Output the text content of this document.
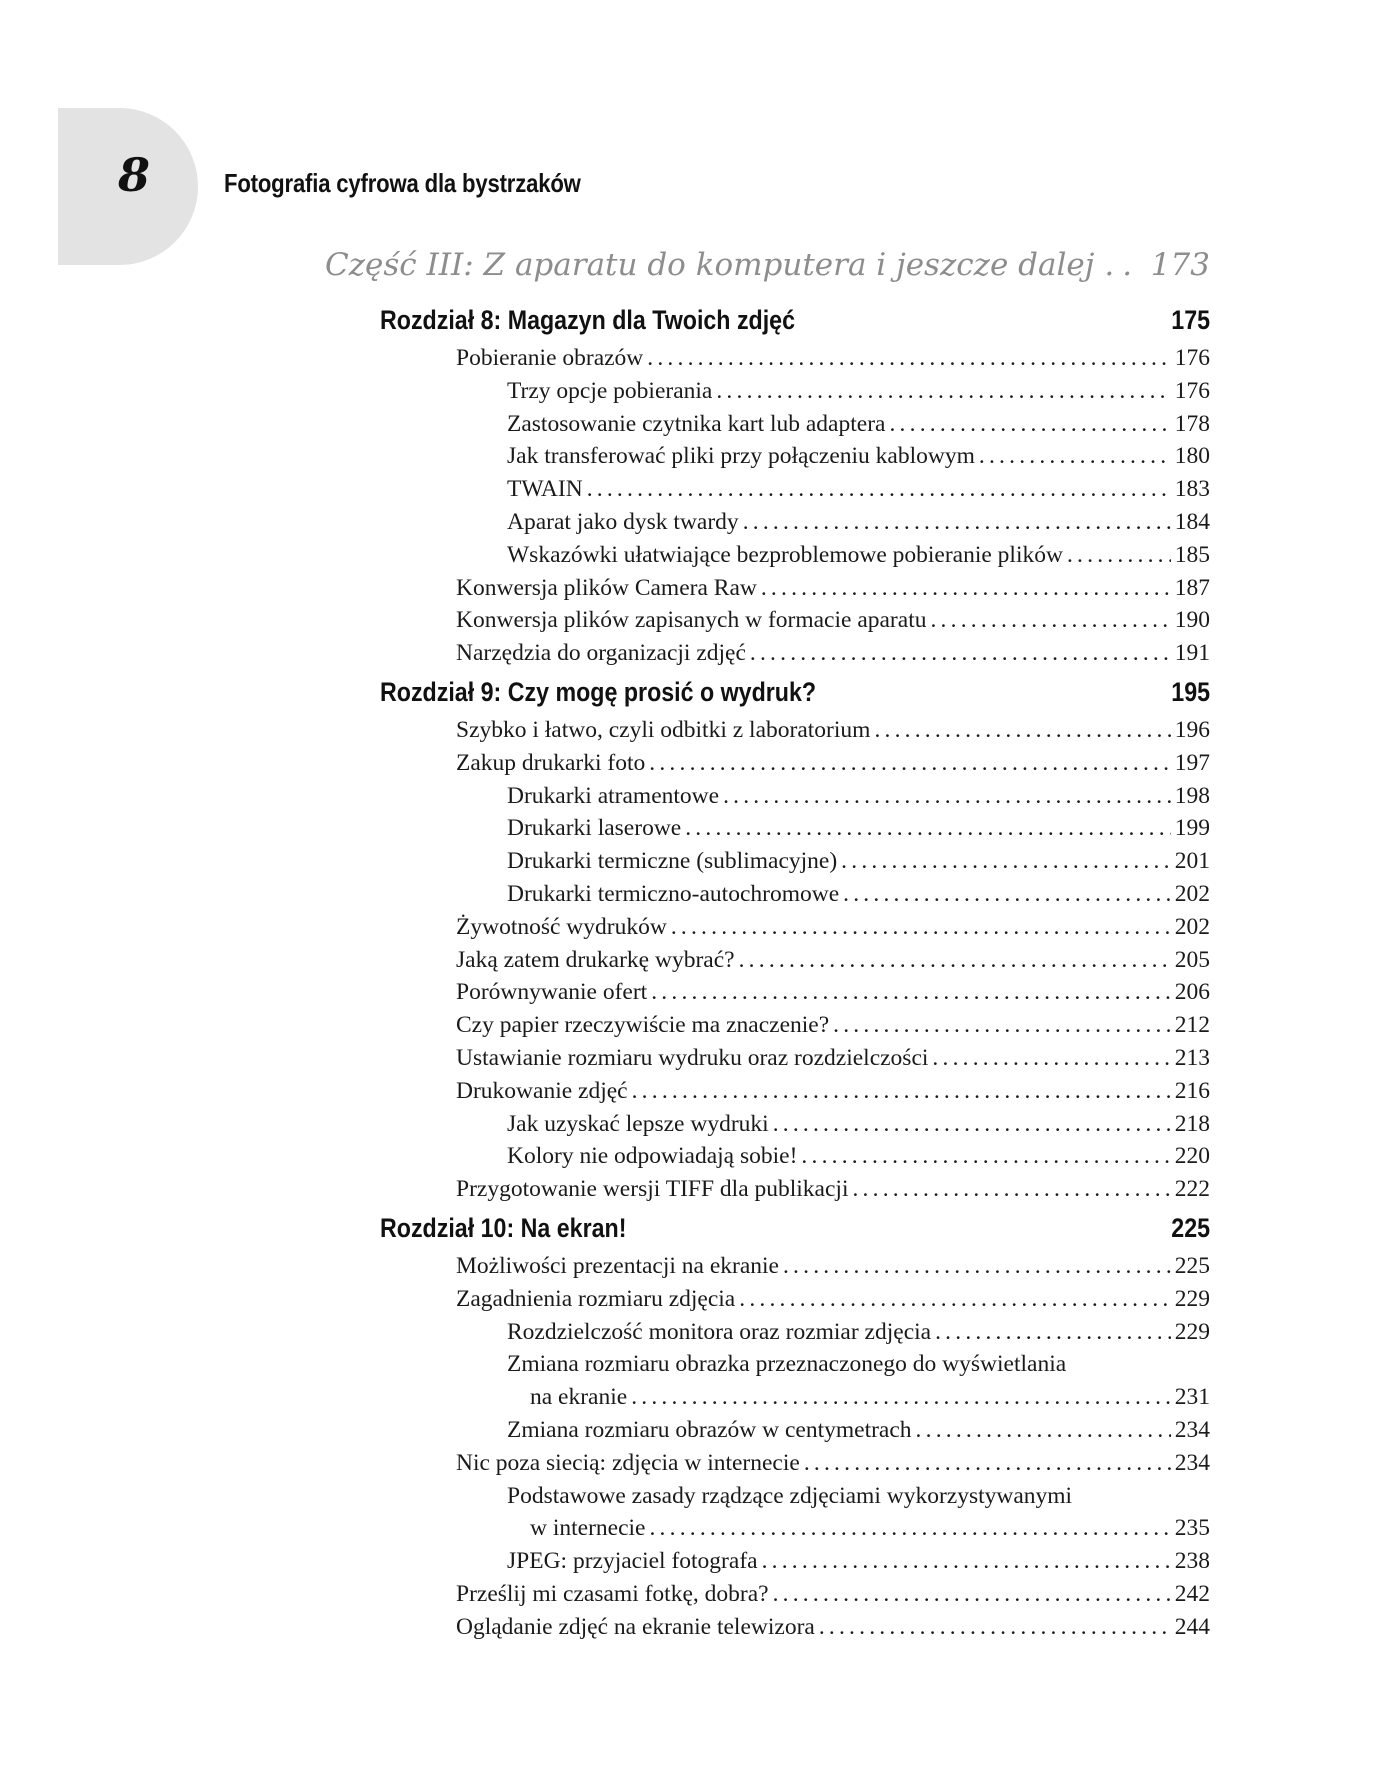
8	Fotografia cyfrowa dla bystrzaków
Część III: Z aparatu do komputera i jeszcze dalej ..... 173
Rozdział 8: Magazyn dla Twoich zdjęć	175
Pobieranie obrazów .....	176
Trzy opcje pobierania .....	176
Zastosowanie czytnika kart lub adaptera .....	178
Jak transferować pliki przy połączeniu kablowym .....	180
TWAIN .....	183
Aparat jako dysk twardy .....	184
Wskazówki ułatwiające bezproblemowe pobieranie plików .....	185
Konwersja plików Camera Raw .....	187
Konwersja plików zapisanych w formacie aparatu .....	190
Narzędzia do organizacji zdjęć .....	191
Rozdział 9: Czy mogę prosić o wydruk?	195
Szybko i łatwo, czyli odbitki z laboratorium .....	196
Zakup drukarki foto .....	197
Drukarki atramentowe .....	198
Drukarki laserowe .....	199
Drukarki termiczne (sublimacyjne) .....	201
Drukarki termiczno-autochromowe .....	202
Żywotność wydruków .....	202
Jaką zatem drukarkę wybrać? .....	205
Porównywanie ofert .....	206
Czy papier rzeczywiście ma znaczenie? .....	212
Ustawianie rozmiaru wydruku oraz rozdzielczości .....	213
Drukowanie zdjęć .....	216
Jak uzyskać lepsze wydruki .....	218
Kolory nie odpowiadają sobie! .....	220
Przygotowanie wersji TIFF dla publikacji .....	222
Rozdział 10: Na ekran!	225
Możliwości prezentacji na ekranie .....	225
Zagadnienia rozmiaru zdjęcia .....	229
Rozdzielczość monitora oraz rozmiar zdjęcia .....	229
Zmiana rozmiaru obrazka przeznaczonego do wyświetlania
na ekranie .....	231
Zmiana rozmiaru obrazów w centymetrach .....	234
Nic poza siecią: zdjęcia w internecie .....	234
Podstawowe zasady rządzące zdjęciami wykorzystywanymi
w internecie .....	235
JPEG: przyjaciel fotografa .....	238
Prześlij mi czasami fotkę, dobra? .....	242
Oglądanie zdjęć na ekranie telewizora .....	244
